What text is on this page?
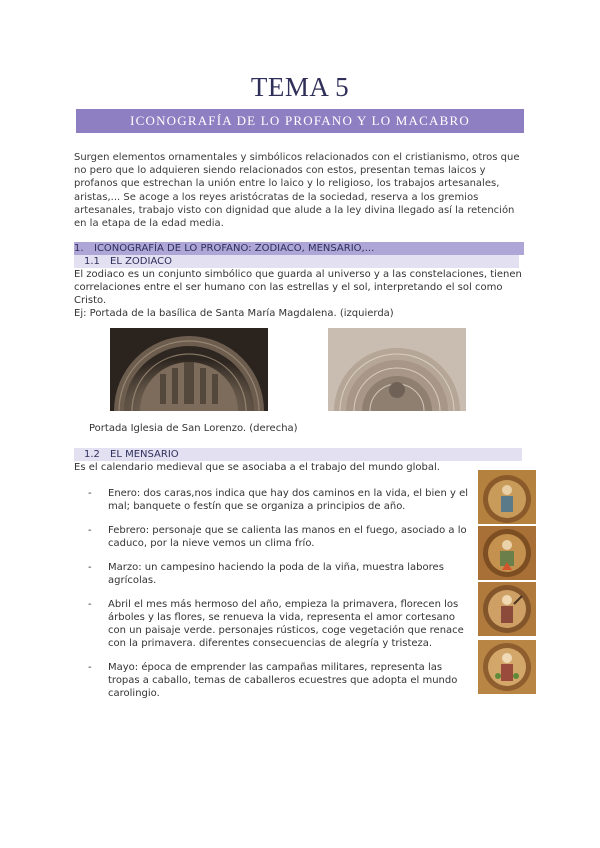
TEMA 5
ICONOGRAFÍA DE LO PROFANO Y LO MACABRO
Surgen elementos ornamentales y simbólicos relacionados con el cristianismo, otros que no pero que lo adquieren siendo relacionados con estos, presentan temas laicos y profanos que estrechan la unión entre lo laico y lo religioso, los trabajos artesanales, aristas,... Se acoge a los reyes aristócratas de la sociedad, reserva a los gremios artesanales, trabajo visto con dignidad que alude a la ley divina llegado así la retención en la etapa de la edad media.
1. ICONOGRAFÍA DE LO PROFANO: ZODIACO, MENSARIO,...
1.1 EL ZODIACO
El zodiaco es un conjunto simbólico que guarda al universo y a las constelaciones, tienen correlaciones entre el ser humano con las estrellas y el sol, interpretando el sol como Cristo.
Ej: Portada de la basílica de Santa María Magdalena. (izquierda)
Portada Iglesia de San Lorenzo. (derecha)
1.2 EL MENSARIO
Es el calendario medieval que se asociaba a el trabajo del mundo global.
- Enero: dos caras,nos indica que hay dos caminos en la vida, el bien y el mal; banquete o festín que se organiza a principios de año.
- Febrero: personaje que se calienta las manos en el fuego, asociado a lo caduco, por la nieve vemos un clima frío.
- Marzo: un campesino haciendo la poda de la viña, muestra labores agrícolas.
- Abril el mes más hermoso del año, empieza la primavera, florecen los árboles y las flores, se renueva la vida, representa el amor cortesano con un paisaje verde. personajes rústicos, coge vegetación que renace con la primavera. diferentes consecuencias de alegría y tristeza.
- Mayo: época de emprender las campañas militares, representa las tropas a caballo, temas de caballeros ecuestres que adopta el mundo carolingio.
